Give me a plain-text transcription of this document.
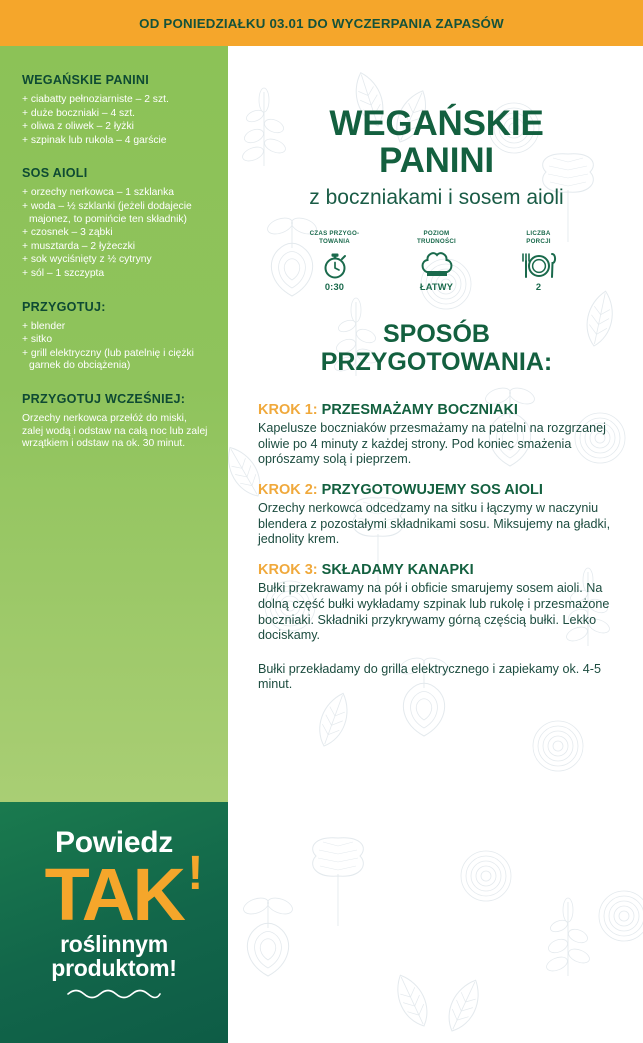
OD PONIEDZIAŁKU 03.01 DO WYCZERPANIA ZAPASÓW
WEGAŃSKIE PANINI
+ ciabatty pełnoziarniste – 2 szt.
+ duże boczniaki – 4 szt.
+ oliwa z oliwek – 2 łyżki
+ szpinak lub rukola – 4 garście
SOS AIOLI
+ orzechy nerkowca – 1 szklanka
+ woda – ½ szklanki (jeżeli dodajecie majonez, to pomińcie ten składnik)
+ czosnek – 3 ząbki
+ musztarda – 2 łyżeczki
+ sok wyciśnięty z ½ cytryny
+ sól – 1 szczypta
PRZYGOTUJ:
+ blender
+ sitko
+ grill elektryczny (lub patelnię i ciężki garnek do obciążenia)
PRZYGOTUJ WCZEŚNIEJ:
Orzechy nerkowca przełóż do miski, zalej wodą i odstaw na całą noc lub zalej wrzątkiem i odstaw na ok. 30 minut.
Powiedz
TAK !
roślinnym produktom!
WEGAŃSKIE
PANINI
z boczniakami i sosem aioli
CZAS PRZYGO-
TOWANIA
0:30
POZIOM
TRUDNOŚCI
ŁATWY
LICZBA
PORCJI
2
SPOSÓB
PRZYGOTOWANIA:
KROK 1: PRZESMAŻAMY BOCZNIAKI
Kapelusze boczniaków przesmażamy na patelni na rozgrzanej oliwie po 4 minuty z każdej strony. Pod koniec smażenia oprószamy solą i pieprzem.
KROK 2: PRZYGOTOWUJEMY SOS AIOLI
Orzechy nerkowca odcedzamy na sitku i łączymy w naczyniu blendera z pozostałymi składnikami sosu. Miksujemy na gładki, jednolity krem.
KROK 3: SKŁADAMY KANAPKI
Bułki przekrawamy na pół i obficie smarujemy sosem aioli. Na dolną część bułki wykładamy szpinak lub rukolę i przesmażone boczniaki. Składniki przykrywamy górną częścią bułki. Lekko dociskamy.
Bułki przekładamy do grilla elektrycznego i zapiekamy ok. 4-5 minut.
